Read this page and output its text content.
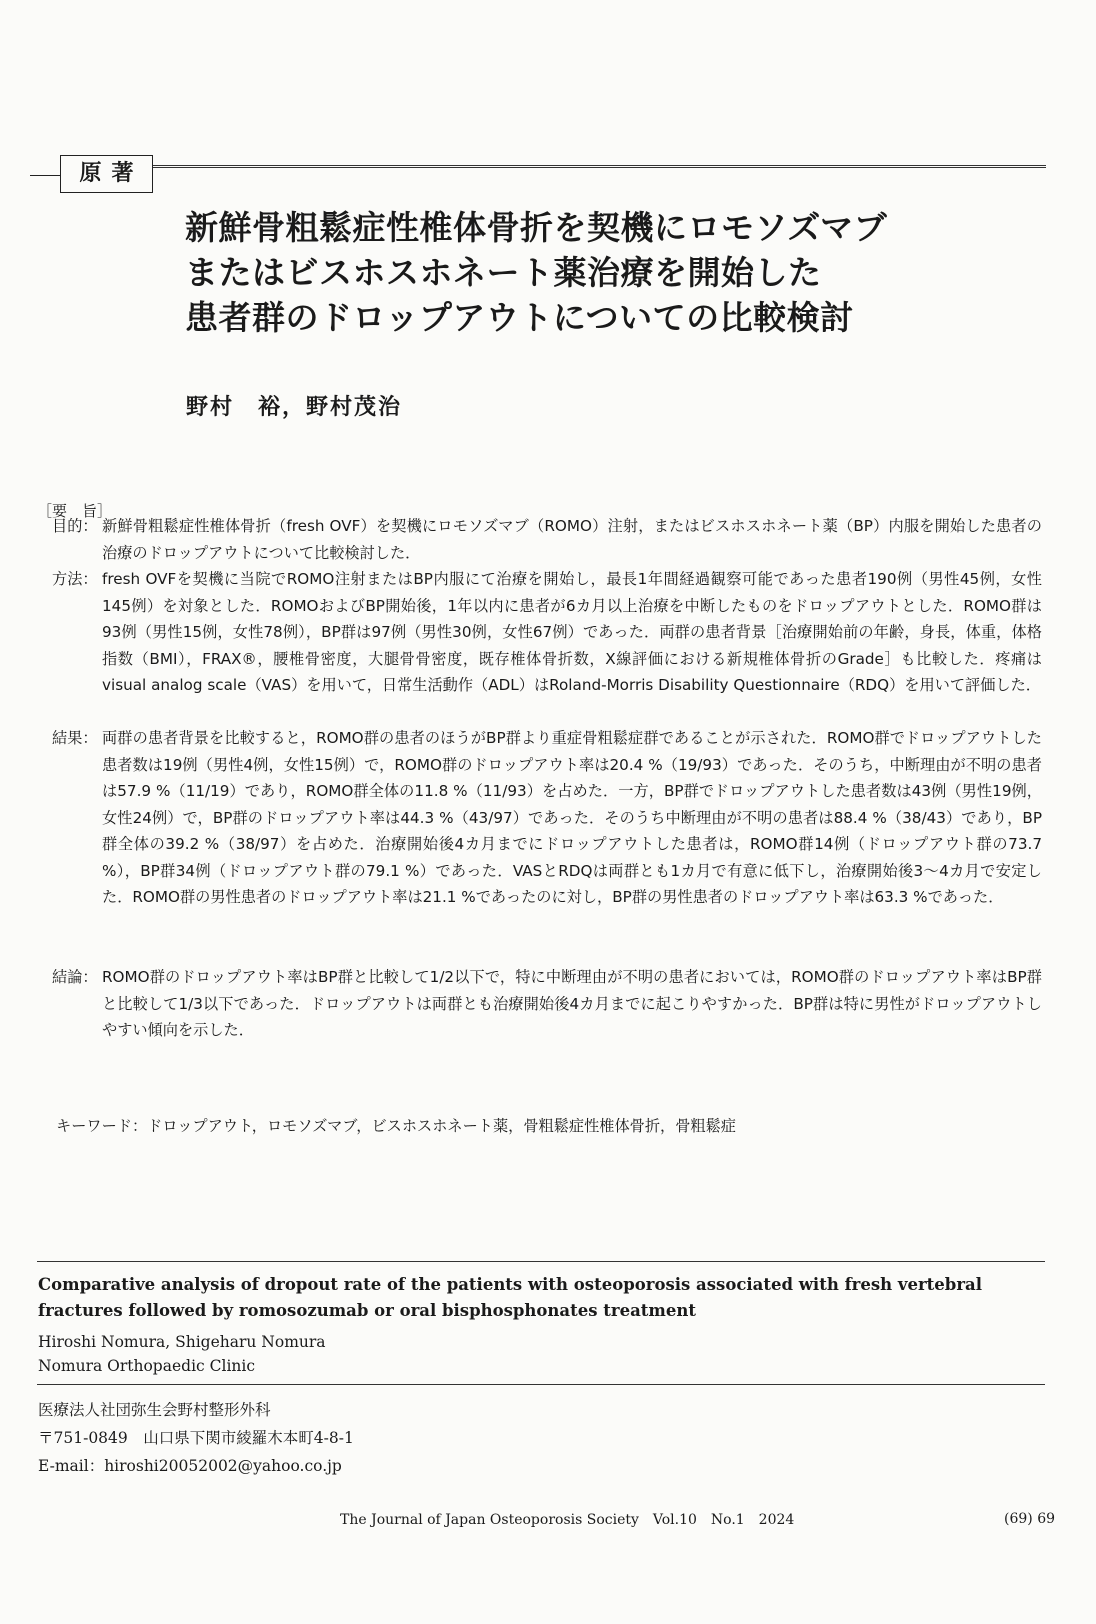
原著
新鮮骨粗鬆症性椎体骨折を契機にロモソズマブ
またはビスホスホネート薬治療を開始した
患者群のドロップアウトについての比較検討
野村　裕，野村茂治
［要　旨］
目的： 新鮮骨粗鬆症性椎体骨折（fresh OVF）を契機にロモソズマブ（ROMO）注射，またはビスホスホネート薬（BP）内服を開始した患者の治療のドロップアウトについて比較検討した．
方法： fresh OVFを契機に当院でROMO注射またはBP内服にて治療を開始し，最長1年間経過観察可能であった患者190例（男性45例，女性145例）を対象とした．ROMOおよびBP開始後，1年以内に患者が6カ月以上治療を中断したものをドロップアウトとした．ROMO群は93例（男性15例，女性78例），BP群は97例（男性30例，女性67例）であった．両群の患者背景［治療開始前の年齢，身長，体重，体格指数（BMI），FRAX®，腰椎骨密度，大腿骨骨密度，既存椎体骨折数，X線評価における新規椎体骨折のGrade］も比較した．疼痛はvisual analog scale（VAS）を用いて，日常生活動作（ADL）はRoland-Morris Disability Questionnaire（RDQ）を用いて評価した．
結果： 両群の患者背景を比較すると，ROMO群の患者のほうがBP群より重症骨粗鬆症群であることが示された．ROMO群でドロップアウトした患者数は19例（男性4例，女性15例）で，ROMO群のドロップアウト率は20.4 %（19/93）であった．そのうち，中断理由が不明の患者は57.9 %（11/19）であり，ROMO群全体の11.8 %（11/93）を占めた．一方，BP群でドロップアウトした患者数は43例（男性19例，女性24例）で，BP群のドロップアウト率は44.3 %（43/97）であった．そのうち中断理由が不明の患者は88.4 %（38/43）であり，BP群全体の39.2 %（38/97）を占めた．治療開始後4カ月までにドロップアウトした患者は，ROMO群14例（ドロップアウト群の73.7 %），BP群34例（ドロップアウト群の79.1 %）であった．VASとRDQは両群とも1カ月で有意に低下し，治療開始後3～4カ月で安定した．ROMO群の男性患者のドロップアウト率は21.1 %であったのに対し，BP群の男性患者のドロップアウト率は63.3 %であった．
結論： ROMO群のドロップアウト率はBP群と比較して1/2以下で，特に中断理由が不明の患者においては，ROMO群のドロップアウト率はBP群と比較して1/3以下であった．ドロップアウトは両群とも治療開始後4カ月までに起こりやすかった．BP群は特に男性がドロップアウトしやすい傾向を示した．
キーワード：ドロップアウト，ロモソズマブ，ビスホスホネート薬，骨粗鬆症性椎体骨折，骨粗鬆症
Comparative analysis of dropout rate of the patients with osteoporosis associated with fresh vertebral fractures followed by romosozumab or oral bisphosphonates treatment
Hiroshi Nomura, Shigeharu Nomura
Nomura Orthopaedic Clinic
医療法人社団弥生会野村整形外科
〒751-0849　山口県下関市綾羅木本町4-8-1
E-mail：hiroshi20052002@yahoo.co.jp
The Journal of Japan Osteoporosis Society　Vol.10　No.1　2024	(69) 69
